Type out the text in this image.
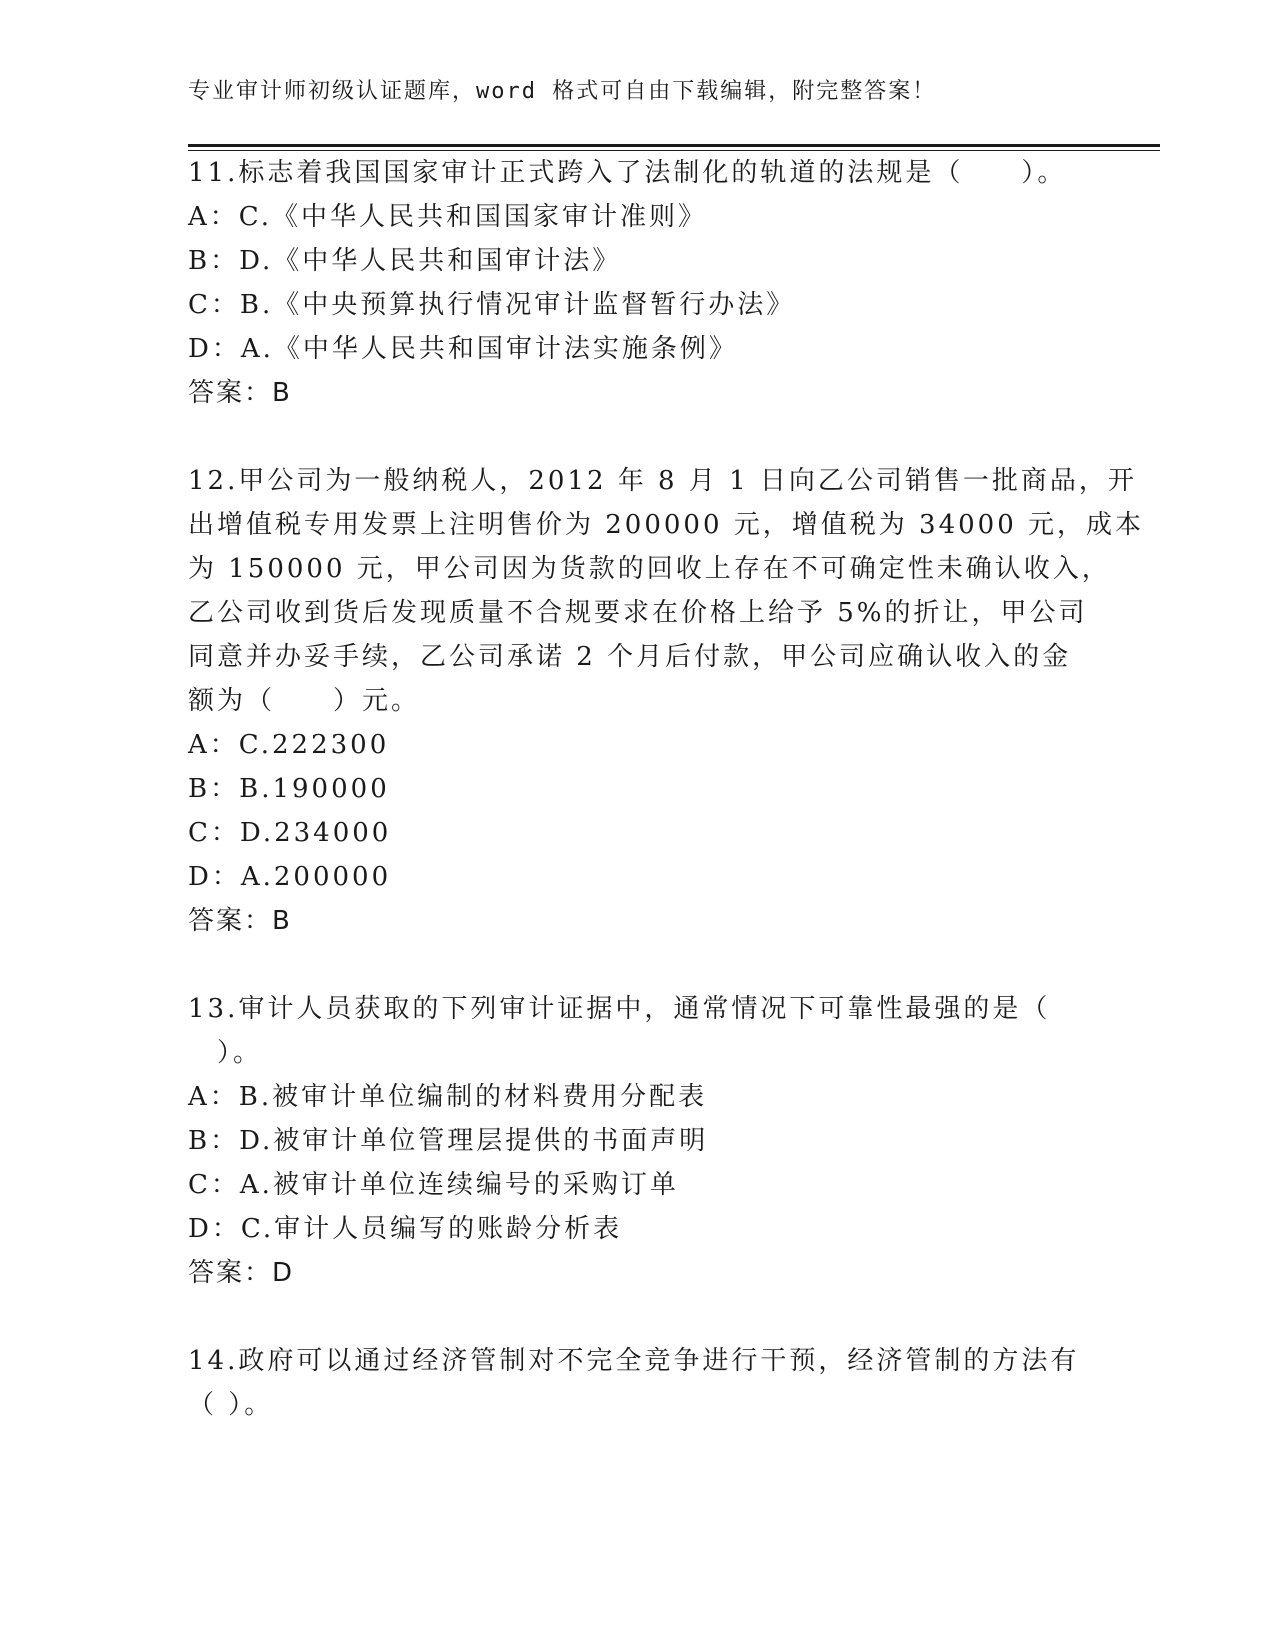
专业审计师初级认证题库，word 格式可自由下载编辑，附完整答案！
11.标志着我国国家审计正式跨入了法制化的轨道的法规是（　　）。
A：C.《中华人民共和国国家审计准则》
B：D.《中华人民共和国审计法》
C：B.《中央预算执行情况审计监督暂行办法》
D：A.《中华人民共和国审计法实施条例》
答案：B
12.甲公司为一般纳税人，2012 年 8 月 1 日向乙公司销售一批商品，开
出增值税专用发票上注明售价为 200000 元，增值税为 34000 元，成本
为 150000 元，甲公司因为货款的回收上存在不可确定性未确认收入，
乙公司收到货后发现质量不合规要求在价格上给予 5%的折让，甲公司
同意并办妥手续，乙公司承诺 2 个月后付款，甲公司应确认收入的金
额为（　　）元。
A：C.222300
B：B.190000
C：D.234000
D：A.200000
答案：B
13.审计人员获取的下列审计证据中，通常情况下可靠性最强的是（
　）。
A：B.被审计单位编制的材料费用分配表
B：D.被审计单位管理层提供的书面声明
C：A.被审计单位连续编号的采购订单
D：C.审计人员编写的账龄分析表
答案：D
14.政府可以通过经济管制对不完全竞争进行干预，经济管制的方法有
（ ）。
